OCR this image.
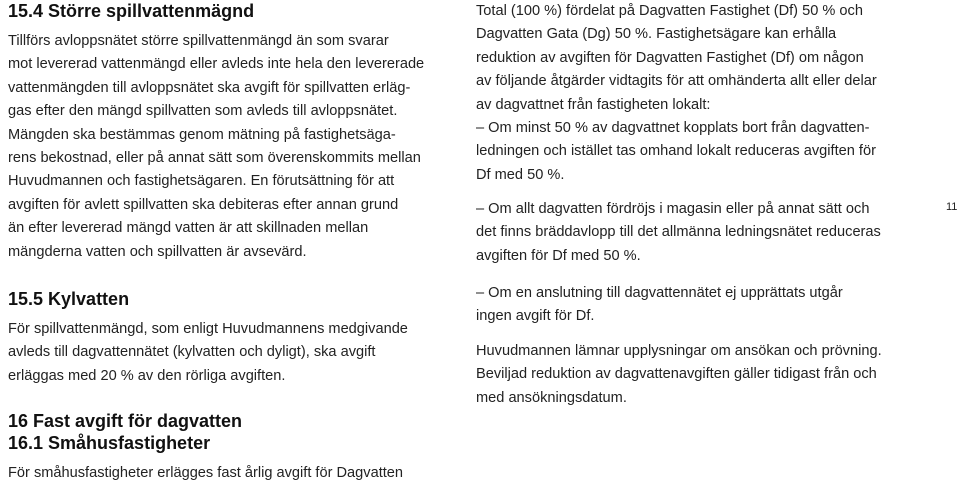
15.4 Större spillvattenmägnd

Tillförs avloppsnätet större spillvattenmängd än som svarar
mot levererad vattenmängd eller avleds inte hela den levererade
vattenmängden till avloppsnätet ska avgift för spillvatten erläg-
gas efter den mängd spillvatten som avleds till avloppsnätet.
Mängden ska bestämmas genom mätning på fastighetsäga-
rens bekostnad, eller på annat sätt som överenskommits mellan
Huvudmannen och fastighetsägaren. En förutsättning för att
avgiften för avlett spillvatten ska debiteras efter annan grund
än efter levererad mängd vatten är att skillnaden mellan
mängderna vatten och spillvatten är avsevärd.

15.5 Kylvatten

För spillvattenmängd, som enligt Huvudmannens medgivande
avleds till dagvattennätet (kylvatten och dyligt), ska avgift
erläggas med 20 % av den rörliga avgiften.

16 Fast avgift för dagvatten
16.1 Småhusfastigheter

För småhusfastigheter erlägges fast årlig avgift för Dagvatten

Total (100 %) fördelat på Dagvatten Fastighet (Df) 50 % och
Dagvatten Gata (Dg) 50 %. Fastighetsägare kan erhålla
reduktion av avgiften för Dagvatten Fastighet (Df) om någon
av följande åtgärder vidtagits för att omhänderta allt eller delar
av dagvattnet från fastigheten lokalt:
– Om minst 50 % av dagvattnet kopplats bort från dagvatten-
ledningen och istället tas omhand lokalt reduceras avgiften för
Df med 50 %.

– Om allt dagvatten fördröjs i magasin eller på annat sätt och
det finns bräddavlopp till det allmänna ledningsnätet reduceras
avgiften för Df med 50 %.

– Om en anslutning till dagvattennätet ej upprättats utgår
ingen avgift för Df.

Huvudmannen lämnar upplysningar om ansökan och prövning.
Beviljad reduktion av dagvattenavgiften gäller tidigast från och
med ansökningsdatum.

11
